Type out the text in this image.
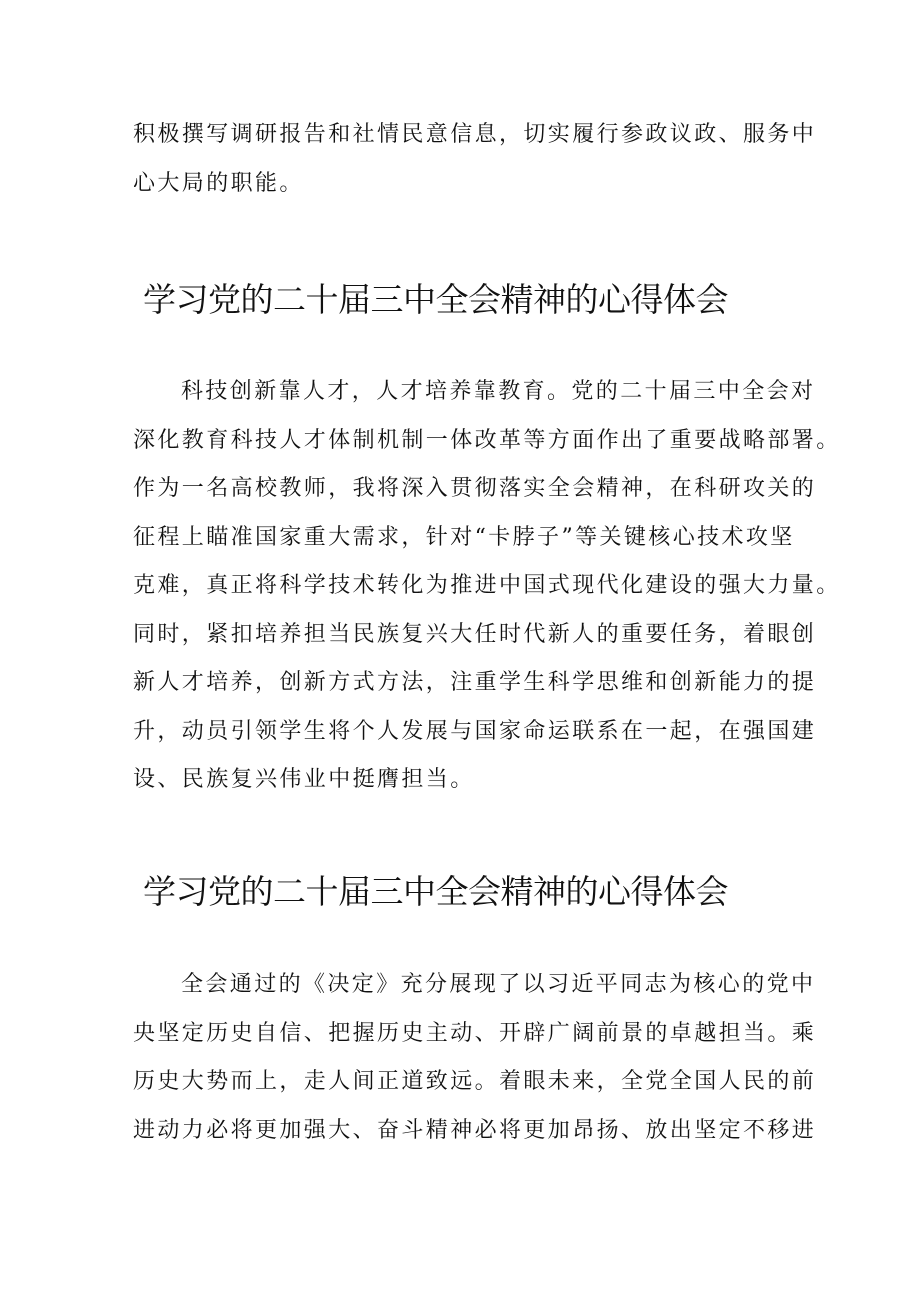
积极撰写调研报告和社情民意信息，切实履行参政议政、服务中
心大局的职能。
学习党的二十届三中全会精神的心得体会
科技创新靠人才，人才培养靠教育。党的二十届三中全会对
深化教育科技人才体制机制一体改革等方面作出了重要战略部署。
作为一名高校教师，我将深入贯彻落实全会精神，在科研攻关的
征程上瞄准国家重大需求，针对“卡脖子”等关键核心技术攻坚
克难，真正将科学技术转化为推进中国式现代化建设的强大力量。
同时，紧扣培养担当民族复兴大任时代新人的重要任务，着眼创
新人才培养，创新方式方法，注重学生科学思维和创新能力的提
升，动员引领学生将个人发展与国家命运联系在一起，在强国建
设、民族复兴伟业中挺膺担当。
学习党的二十届三中全会精神的心得体会
全会通过的《决定》充分展现了以习近平同志为核心的党中
央坚定历史自信、把握历史主动、开辟广阔前景的卓越担当。乘
历史大势而上，走人间正道致远。着眼未来，全党全国人民的前
进动力必将更加强大、奋斗精神必将更加昂扬、放出坚定不移进
